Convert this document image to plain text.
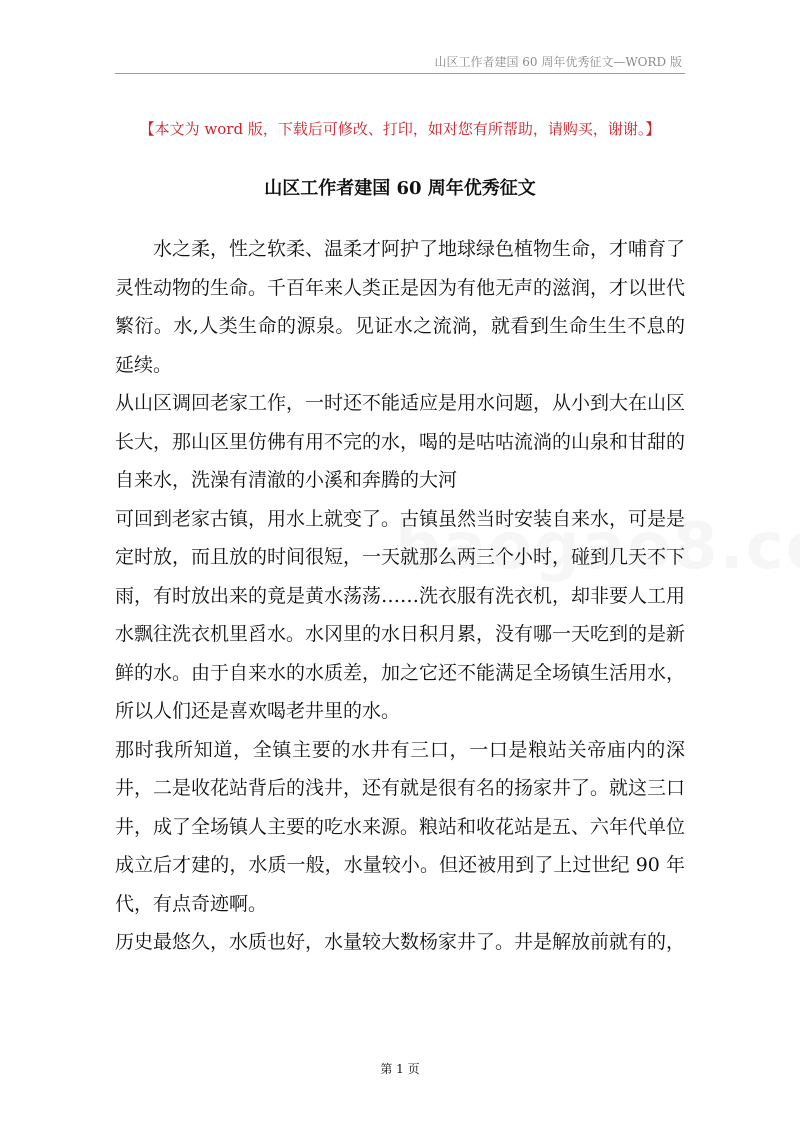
山区工作者建国 60 周年优秀征文—WORD 版
【本文为 word 版，下载后可修改、打印，如对您有所帮助，请购买，谢谢。】
山区工作者建国 60 周年优秀征文

水之柔，性之软柔、温柔才阿护了地球绿色植物生命，才哺育了灵性动物的生命。千百年来人类正是因为有他无声的滋润，才以世代繁衍。水,人类生命的源泉。见证水之流淌，就看到生命生生不息的延续。

从山区调回老家工作，一时还不能适应是用水问题，从小到大在山区长大，那山区里仿佛有用不完的水，喝的是咕咕流淌的山泉和甘甜的自来水，洗澡有清澈的小溪和奔腾的大河

可回到老家古镇，用水上就变了。古镇虽然当时安装自来水，可是是定时放，而且放的时间很短，一天就那么两三个小时，碰到几天不下雨，有时放出来的竟是黄水荡荡……洗衣服有洗衣机，却非要人工用水飘往洗衣机里舀水。水冈里的水日积月累，没有哪一天吃到的是新鲜的水。由于自来水的水质差，加之它还不能满足全场镇生活用水，所以人们还是喜欢喝老井里的水。

那时我所知道，全镇主要的水井有三口，一口是粮站关帝庙内的深井，二是收花站背后的浅井，还有就是很有名的扬家井了。就这三口井，成了全场镇人主要的吃水来源。粮站和收花站是五、六年代单位成立后才建的，水质一般，水量较小。但还被用到了上过世纪 90 年代，有点奇迹啊。

历史最悠久，水质也好，水量较大数杨家井了。井是解放前就有的，

第 1 页
